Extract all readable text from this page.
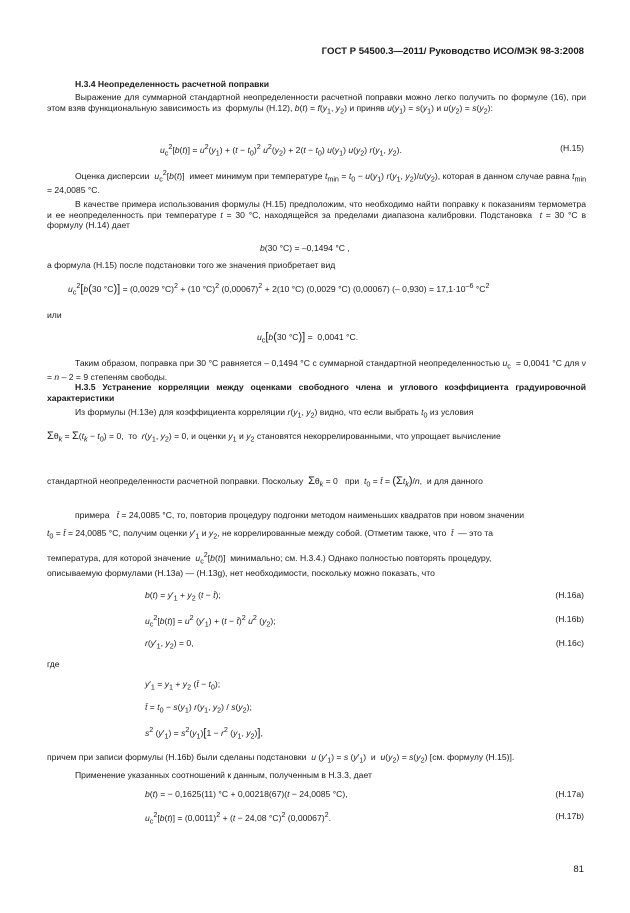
ГОСТ Р 54500.3—2011/ Руководство ИСО/МЭК 98-3:2008
Н.3.4 Неопределенность расчетной поправки
Выражение для суммарной стандартной неопределенности расчетной поправки можно легко получить по формуле (16), при этом взяв функциональную зависимость из  формулы (Н.12), $b(t) = f(y_1$, $y_2$) и приняв $u(y_1) = s(y_1)$ и $u(y_2) = s(y_2)$:
$u_c^2[b(t)] = u^2(y_1) + (t - t_0)^2$ $u^2(y_2) + 2(t - t_0)$ $u(y_1)$ $u(y_2)$ $r(y_1$, $y_2$).	(Н.15)
Оценка дисперсии  $u_c^2[b(t)]$  имеет минимум при температуре $t_{min} = t_0 - u(y_1)$ $r(y_1$, $y_2)/u(y_2)$, которая в данном случае равна $t_{min} = 24,0085$ °С.
В качестве примера использования формулы (Н.15) предположим, что необходимо найти поправку к показаниям термометра и ее неопределенность при температуре t = 30 °С, находящейся за пределами диапазона калибровки. Подстановка  t = 30 °С в формулу (Н.14) дает
b(30 °С) = –0,1494 °С ,
а формула (Н.15) после подстановки того же значения приобретает вид
$u_c^2[b(30$ °С)] = (0,0029 °С)$^2$ + (10 °С)$^2$ $(0,00067)^2 + 2(10$ °С) (0,0029 °С) (0,00067) (– $0,930) = 17,1\cdot 10^{-6}$ $^\circ С^2$
или
$u_c[b(30$ °С)] =  0,0041 °С.
Таким образом, поправка при 30 °С равняется – 0,1494 °С с суммарной стандартной неопределенностью $u_c = 0,0041$ °С для ν = n – 2 = 9 степеням свободы.
Н.3.5 Устранение корреляции между оценками свободного члена и углового коэффициента градуировочной характеристики
Из формулы (Н.13е) для коэффициента корреляции $r(y_1$, $y_2$) видно, что если выбрать $t_0$ из условия
$\Sigma\theta_k = \Sigma(t_k - t_0) = 0$,  то  $r(y_1$, $y_2) = 0$, и оценки $y_1$ и $y_2$ становятся некоррелированными, что упрощает вычисление
стандартной неопределенности расчетной поправки. Поскольку  $\Sigma\theta_k = 0$   при  $t_0$ = t̄ = $(\Sigma t_k)/n$,  и для данного
примера   t̄ = 24,0085 °С, то, повторив процедуру подгонки методом наименьших квадратов при новом значении
$t_0$ = t̄ = 24,0085 °С, получим оценки $y'_1$ и $y_2$, не коррелированные между собой. (Отметим также, что  t̄  — это та
температура, для которой значение  $u_c^2[b(t)]$  минимально; см. Н.3.4.) Однако полностью повторять процедуру,
описываемую формулами (Н.13а) — (Н.13g), нет необходимости, поскольку можно показать, что
$b(t) = y'_1 + y_2$ (t − t̄);	(Н.16а)
$u_c^2[b(t)] = u^2$ $(y'_1) + (t$ − t̄)$^2$ $u^2$ $(y_2)$;	(Н.16b)
$r(y'_1$, $y_2) = 0$,	(Н.16с)
где
$y'_1 = y_1 + y_2$ (t̄ − $t_0$);
t̄ = $t_0 - s(y_1)$ $r(y_1$, $y_2) / s(y_2)$;
$s^2$ $(y'_1) = s^2(y_1)[1 - r^2$ ($y_1$, $y_2$)],
причем при записи формулы (Н.16b) были сделаны подстановки  u $(y'_1) = s$ $(y'_1)$  и  $u(y_2) = s(y_2)$ [см. формулу (Н.15)].
Применение указанных соотношений к данным, полученным в Н.3.3, дает
b(t) = − 0,1625(11) °С + 0,00218(67)(t − 24,0085 °С),	(Н.17а)
$u_c^2[b(t)] = (0,0011)^2 + (t - 24,08$ °С)$^2$ $(0,00067)^2$.	(Н.17b)
81
